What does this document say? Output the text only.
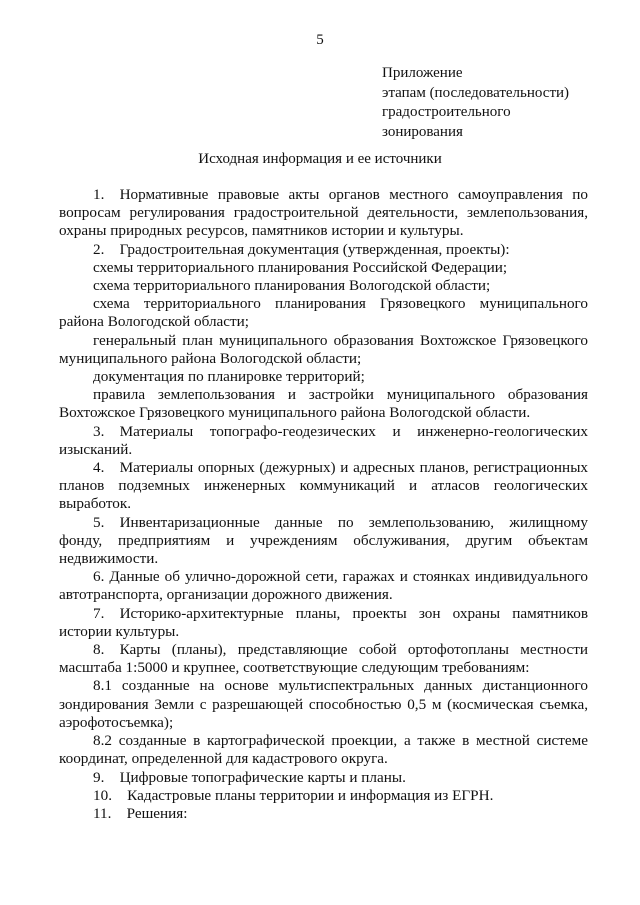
5
Приложение
этапам (последовательности)
градостроительного
зонирования
Исходная информация и ее источники

1. Нормативные правовые акты органов местного самоуправления по вопросам регулирования градостроительной деятельности, землепользования, охраны природных ресурсов, памятников истории и культуры.

2. Градостроительная документация (утвержденная, проекты):

схемы территориального планирования Российской Федерации;

схема территориального планирования Вологодской области;

схема территориального планирования Грязовецкого муниципального района Вологодской области;

генеральный план муниципального образования Вохтожское Грязовецкого муниципального района Вологодской области;

документация по планировке территорий;

правила землепользования и застройки муниципального образования Вохтожское Грязовецкого муниципального района Вологодской области.

3. Материалы топографо-геодезических и инженерно-геологических изысканий.

4. Материалы опорных (дежурных) и адресных планов, регистрационных планов подземных инженерных коммуникаций и атласов геологических выработок.

5. Инвентаризационные данные по землепользованию, жилищному фонду, предприятиям и учреждениям обслуживания, другим объектам недвижимости.

6. Данные об улично-дорожной сети, гаражах и стоянках индивидуального автотранспорта, организации дорожного движения.

7. Историко-архитектурные планы, проекты зон охраны памятников истории культуры.

8. Карты (планы), представляющие собой ортофотопланы местности масштаба 1:5000 и крупнее, соответствующие следующим требованиям:

8.1 созданные на основе мультиспектральных данных дистанционного зондирования Земли с разрешающей способностью 0,5 м (космическая съемка, аэрофотосъемка);

8.2 созданные в картографической проекции, а также в местной системе координат, определенной для кадастрового округа.

9. Цифровые топографические карты и планы.

10. Кадастровые планы территории и информация из ЕГРН.

11. Решения:
